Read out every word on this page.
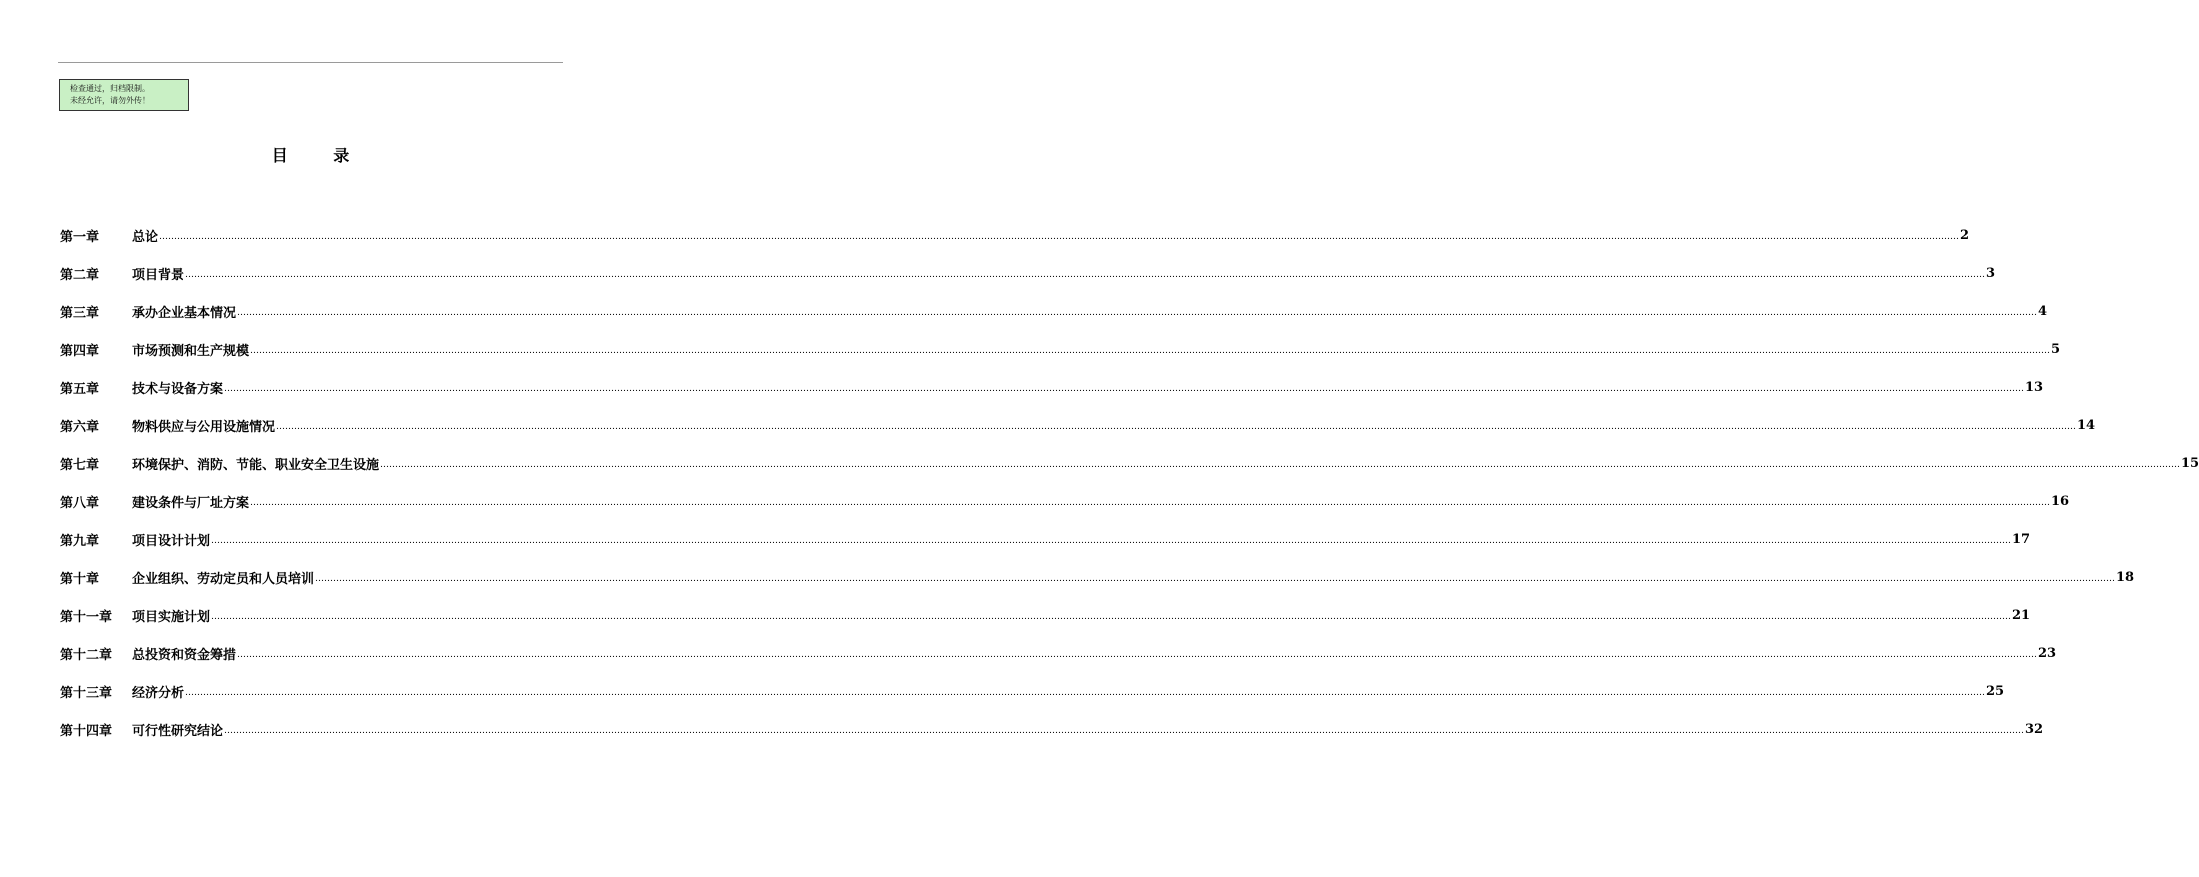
检查通过，归档限制。
未经允许，请勿外传！
目 录
第一章	总论 …………………………………………………………………………………………………………………………………………………………………………………………………………………………………………………………………………………………………………………………………………………………………………………………………………………………………………………………………………………………………………………………………………………… 2
第二章	项目背景 …………………………………………………………………………………………………………………………………………………………………………………………………………………………………………………………………………………………………………………………………………………………………………………………………………………………………………………………………………………………………………………………………………………… 3
第三章	承办企业基本情况 …………………………………………………………………………………………………………………………………………………………………………………………………………………………………………………………………………………………………………………………………………………………………………………………………………………………………………………………………………………………………………………………………………………… 4
第四章	市场预测和生产规模 …………………………………………………………………………………………………………………………………………………………………………………………………………………………………………………………………………………………………………………………………………………………………………………………………………………………………………………………………………………………………………………………………………………… 5
第五章	技术与设备方案 …………………………………………………………………………………………………………………………………………………………………………………………………………………………………………………………………………………………………………………………………………………………………………………………………………………………………………………………………………………………………………………………………………………… 13
第六章	物料供应与公用设施情况 …………………………………………………………………………………………………………………………………………………………………………………………………………………………………………………………………………………………………………………………………………………………………………………………………………………………………………………………………………………………………………………………………………………… 14
第七章	环境保护、消防、节能、职业安全卫生设施 …………………………………………………………………………………………………………………………………………………………………………………………………………………………………………………………………………………………………………………………………………………………………………………………………………………………………………………………………………………………………………………………………………………… 15
第八章	建设条件与厂址方案 …………………………………………………………………………………………………………………………………………………………………………………………………………………………………………………………………………………………………………………………………………………………………………………………………………………………………………………………………………………………………………………………………………………… 16
第九章	项目设计计划 …………………………………………………………………………………………………………………………………………………………………………………………………………………………………………………………………………………………………………………………………………………………………………………………………………………………………………………………………………………………………………………………………………………… 17
第十章	企业组织、劳动定员和人员培训 …………………………………………………………………………………………………………………………………………………………………………………………………………………………………………………………………………………………………………………………………………………………………………………………………………………………………………………………………………………………………………………………………………………… 18
第十一章	项目实施计划 …………………………………………………………………………………………………………………………………………………………………………………………………………………………………………………………………………………………………………………………………………………………………………………………………………………………………………………………………………………………………………………………………………………… 21
第十二章	总投资和资金筹措 …………………………………………………………………………………………………………………………………………………………………………………………………………………………………………………………………………………………………………………………………………………………………………………………………………………………………………………………………………………………………………………………………………………… 23
第十三章	经济分析 …………………………………………………………………………………………………………………………………………………………………………………………………………………………………………………………………………………………………………………………………………………………………………………………………………………………………………………………………………………………………………………………………………………… 25
第十四章	可行性研究结论 …………………………………………………………………………………………………………………………………………………………………………………………………………………………………………………………………………………………………………………………………………………………………………………………………………………………………………………………………………………………………………………………………………………… 32
